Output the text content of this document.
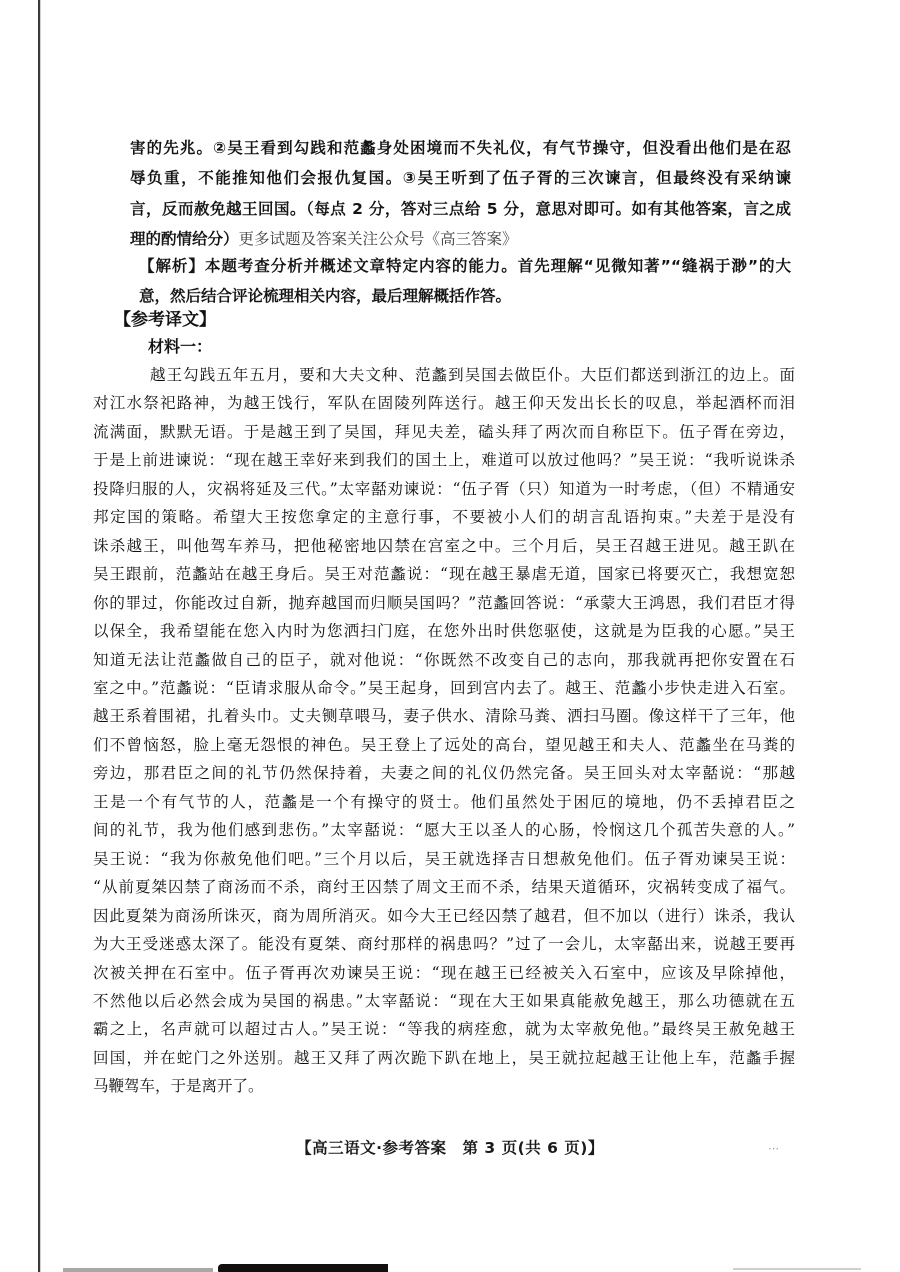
害的先兆。②吴王看到勾践和范蠡身处困境而不失礼仪，有气节操守，但没看出他们是在忍
辱负重，不能推知他们会报仇复国。③吴王听到了伍子胥的三次谏言，但最终没有采纳谏
言，反而赦免越王回国。（每点 2 分，答对三点给 5 分，意思对即可。如有其他答案，言之成
理的酌情给分）更多试题及答案关注公众号《高三答案》
【解析】本题考查分析并概述文章特定内容的能力。首先理解“见微知著”“缝祸于渺”的大
意，然后结合评论梳理相关内容，最后理解概括作答。
【参考译文】
材料一：
越王勾践五年五月，要和大夫文种、范蠡到吴国去做臣仆。大臣们都送到浙江的边上。面
对江水祭祀路神，为越王饯行，军队在固陵列阵送行。越王仰天发出长长的叹息，举起酒杯而泪
流满面，默默无语。于是越王到了吴国，拜见夫差，磕头拜了两次而自称臣下。伍子胥在旁边，
于是上前进谏说：“现在越王幸好来到我们的国土上，难道可以放过他吗？”吴王说：“我听说诛杀
投降归服的人，灾祸将延及三代。”太宰嚭劝谏说：“伍子胥（只）知道为一时考虑，（但）不精通安
邦定国的策略。希望大王按您拿定的主意行事，不要被小人们的胡言乱语拘束。”夫差于是没有
诛杀越王，叫他驾车养马，把他秘密地囚禁在宫室之中。三个月后，吴王召越王进见。越王趴在
吴王跟前，范蠡站在越王身后。吴王对范蠡说：“现在越王暴虐无道，国家已将要灭亡，我想宽恕
你的罪过，你能改过自新，抛弃越国而归顺吴国吗？”范蠡回答说：“承蒙大王鸿恩，我们君臣才得
以保全，我希望能在您入内时为您洒扫门庭，在您外出时供您驱使，这就是为臣我的心愿。”吴王
知道无法让范蠡做自己的臣子，就对他说：“你既然不改变自己的志向，那我就再把你安置在石
室之中。”范蠡说：“臣请求服从命令。”吴王起身，回到宫内去了。越王、范蠡小步快走进入石室。
越王系着围裙，扎着头巾。丈夫铡草喂马，妻子供水、清除马粪、洒扫马圈。像这样干了三年，他
们不曾恼怒，脸上毫无怨恨的神色。吴王登上了远处的高台，望见越王和夫人、范蠡坐在马粪的
旁边，那君臣之间的礼节仍然保持着，夫妻之间的礼仪仍然完备。吴王回头对太宰嚭说：“那越
王是一个有气节的人，范蠡是一个有操守的贤士。他们虽然处于困厄的境地，仍不丢掉君臣之
间的礼节，我为他们感到悲伤。”太宰嚭说：“愿大王以圣人的心肠，怜悯这几个孤苦失意的人。”
吴王说：“我为你赦免他们吧。”三个月以后，吴王就选择吉日想赦免他们。伍子胥劝谏吴王说：
“从前夏桀囚禁了商汤而不杀，商纣王囚禁了周文王而不杀，结果天道循环，灾祸转变成了福气。
因此夏桀为商汤所诛灭，商为周所消灭。如今大王已经囚禁了越君，但不加以（进行）诛杀，我认
为大王受迷惑太深了。能没有夏桀、商纣那样的祸患吗？”过了一会儿，太宰嚭出来，说越王要再
次被关押在石室中。伍子胥再次劝谏吴王说：“现在越王已经被关入石室中，应该及早除掉他，
不然他以后必然会成为吴国的祸患。”太宰嚭说：“现在大王如果真能赦免越王，那么功德就在五
霸之上，名声就可以超过古人。”吴王说：“等我的病痊愈，就为太宰赦免他。”最终吴王赦免越王
回国，并在蛇门之外送别。越王又拜了两次跪下趴在地上，吴王就拉起越王让他上车，范蠡手握
马鞭驾车，于是离开了。
【高三语文·参考答案　第 3 页(共 6 页)】	⋯
